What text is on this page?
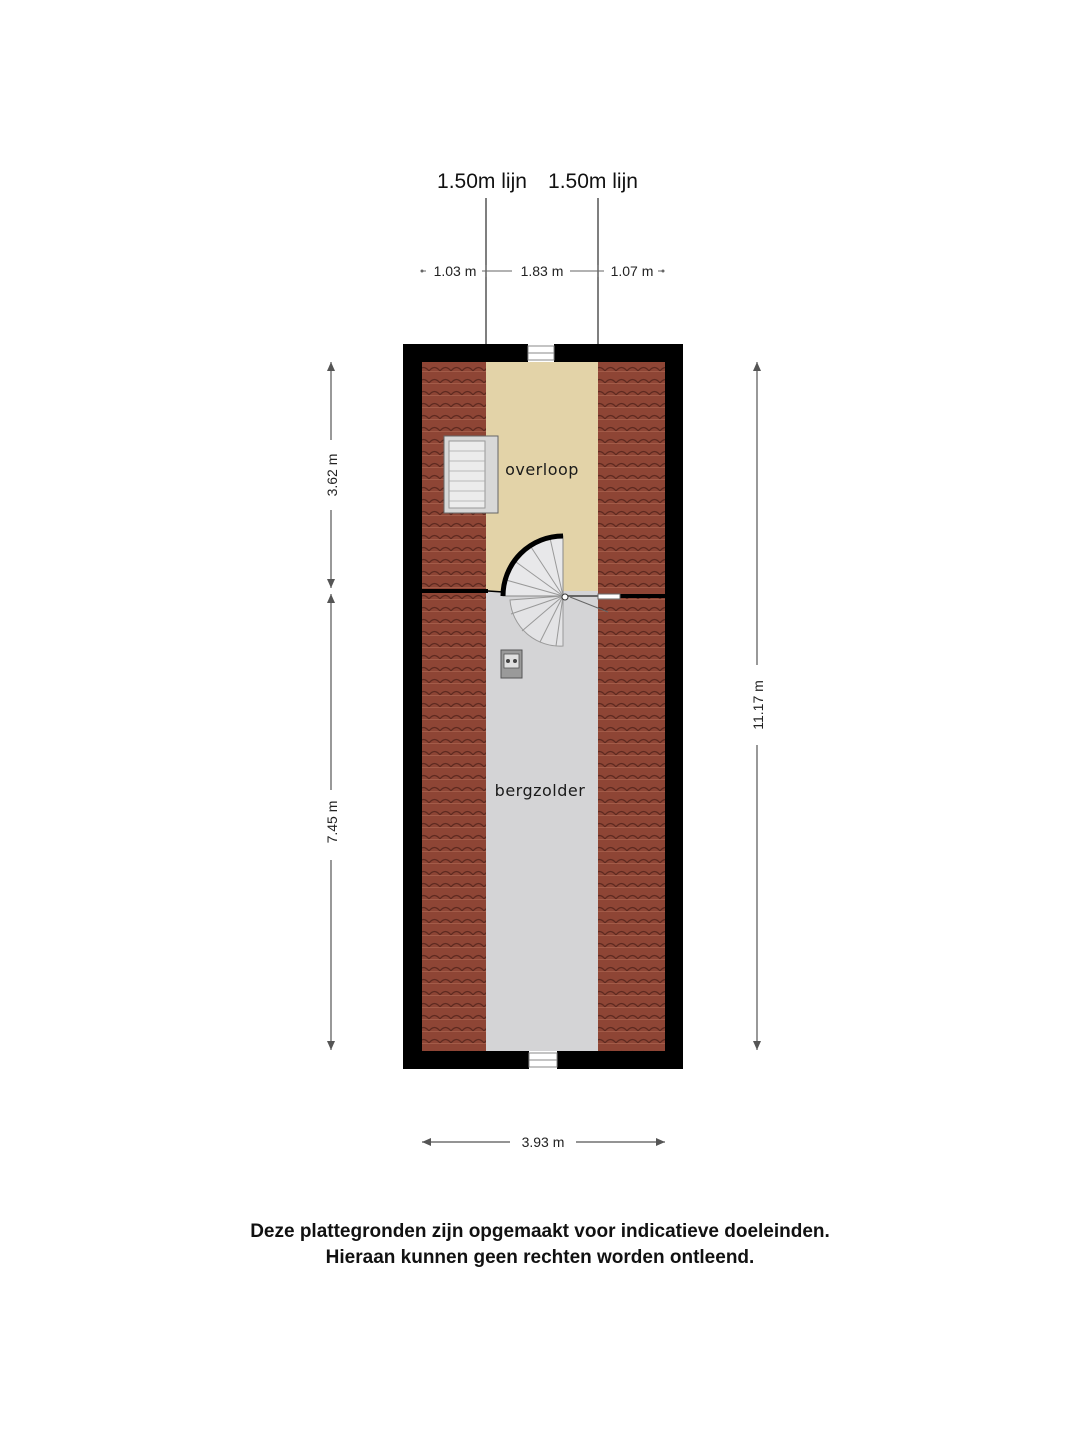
overloop
bergzolder
1.50m lijn 1.50m lijn
1.03 m	1.83 m	1.07 m
3.62 m
7.45 m
11.17 m
3.93 m
Deze plattegronden zijn opgemaakt voor indicatieve doeleinden.
Hieraan kunnen geen rechten worden ontleend.
